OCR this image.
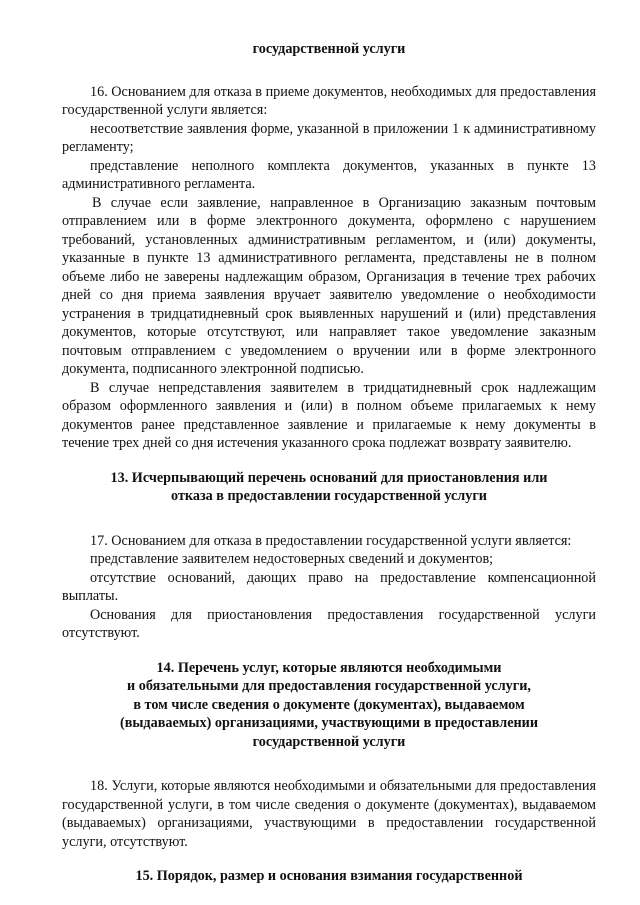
государственной услуги

16. Основанием для отказа в приеме документов, необходимых для предоставления государственной услуги является:

несоответствие заявления форме, указанной в приложении 1 к административному регламенту;

представление неполного комплекта документов, указанных в пункте 13 административного регламента.

В случае если заявление, направленное в Организацию заказным почтовым отправлением или в форме электронного документа, оформлено с нарушением требований, установленных административным регламентом, и (или) документы, указанные в пункте 13 административного регламента, представлены не в полном объеме либо не заверены надлежащим образом, Организация в течение трех рабочих дней со дня приема заявления вручает заявителю уведомление о необходимости устранения в тридцатидневный срок выявленных нарушений и (или) представления документов, которые отсутствуют, или направляет такое уведомление заказным почтовым отправлением с уведомлением о вручении или в форме электронного документа, подписанного электронной подписью.

В случае непредставления заявителем в тридцатидневный срок надлежащим образом оформленного заявления и (или) в полном объеме прилагаемых к нему документов ранее представленное заявление и прилагаемые к нему документы в течение трех дней со дня истечения указанного срока подлежат возврату заявителю.

13. Исчерпывающий перечень оснований для приостановления или
отказа в предоставлении государственной услуги

17. Основанием для отказа в предоставлении государственной услуги является:

представление заявителем недостоверных сведений и документов;

отсутствие оснований, дающих право на предоставление компенсационной выплаты.

Основания для приостановления предоставления государственной услуги отсутствуют.

14. Перечень услуг, которые являются необходимыми
и обязательными для предоставления государственной услуги,
в том числе сведения о документе (документах), выдаваемом
(выдаваемых) организациями, участвующими в предоставлении
государственной услуги

18. Услуги, которые являются необходимыми и обязательными для предоставления государственной услуги, в том числе сведения о документе (документах), выдаваемом (выдаваемых) организациями, участвующими в предоставлении государственной услуги, отсутствуют.

15. Порядок, размер и основания взимания государственной
